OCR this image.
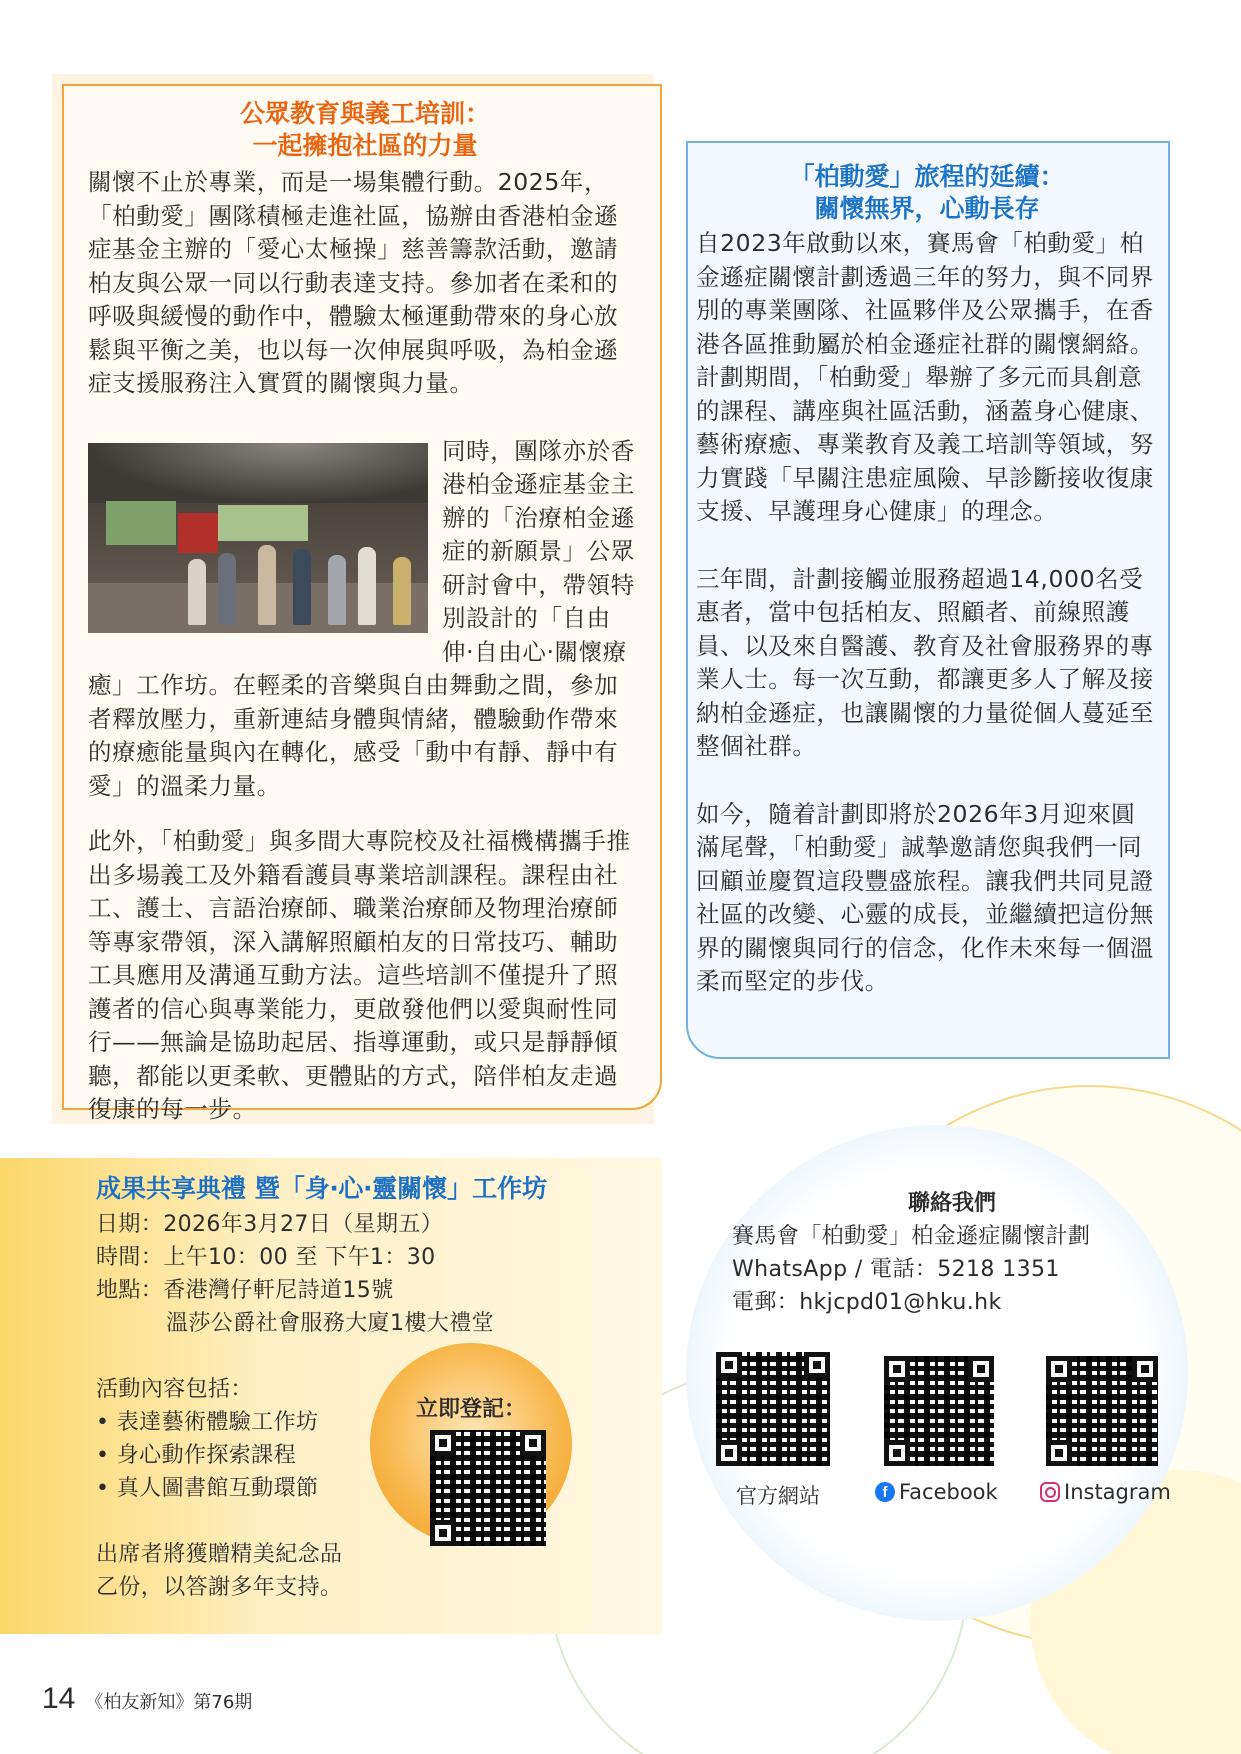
公眾教育與義工培訓：
一起擁抱社區的力量
關懷不止於專業，而是一場集體行動。2025年，「柏動愛」團隊積極走進社區，協辦由香港柏金遜症基金主辦的「愛心太極操」慈善籌款活動，邀請柏友與公眾一同以行動表達支持。參加者在柔和的呼吸與緩慢的動作中，體驗太極運動帶來的身心放鬆與平衡之美，也以每一次伸展與呼吸，為柏金遜症支援服務注入實質的關懷與力量。
同時，團隊亦於香港柏金遜症基金主辦的「治療柏金遜症的新願景」公眾研討會中，帶領特別設計的「自由伸‧自由心‧關懷療癒」工作坊。在輕柔的音樂與自由舞動之間，參加者釋放壓力，重新連結身體與情緒，體驗動作帶來的療癒能量與內在轉化，感受「動中有靜、靜中有愛」的溫柔力量。
此外，「柏動愛」與多間大專院校及社福機構攜手推出多場義工及外籍看護員專業培訓課程。課程由社工、護士、言語治療師、職業治療師及物理治療師等專家帶領，深入講解照顧柏友的日常技巧、輔助工具應用及溝通互動方法。這些培訓不僅提升了照護者的信心與專業能力，更啟發他們以愛與耐性同行——無論是協助起居、指導運動，或只是靜靜傾聽，都能以更柔軟、更體貼的方式，陪伴柏友走過復康的每一步。
「柏動愛」旅程的延續：
關懷無界，心動長存
自2023年啟動以來，賽馬會「柏動愛」柏金遜症關懷計劃透過三年的努力，與不同界別的專業團隊、社區夥伴及公眾攜手，在香港各區推動屬於柏金遜症社群的關懷網絡。計劃期間，「柏動愛」舉辦了多元而具創意的課程、講座與社區活動，涵蓋身心健康、藝術療癒、專業教育及義工培訓等領域，努力實踐「早關注患症風險、早診斷接收復康支援、早護理身心健康」的理念。
三年間，計劃接觸並服務超過14,000名受惠者，當中包括柏友、照顧者、前線照護員、以及來自醫護、教育及社會服務界的專業人士。每一次互動，都讓更多人了解及接納柏金遜症，也讓關懷的力量從個人蔓延至整個社群。
如今，隨着計劃即將於2026年3月迎來圓滿尾聲，「柏動愛」誠摯邀請您與我們一同回顧並慶賀這段豐盛旅程。讓我們共同見證社區的改變、心靈的成長，並繼續把這份無界的關懷與同行的信念，化作未來每一個溫柔而堅定的步伐。
成果共享典禮 暨「身‧心‧靈關懷」工作坊
日期：2026年3月27日（星期五）
時間：上午10：00 至 下午1：30
地點：香港灣仔軒尼詩道15號
溫莎公爵社會服務大廈1樓大禮堂
活動內容包括：
• 表達藝術體驗工作坊
• 身心動作探索課程
• 真人圖書館互動環節
出席者將獲贈精美紀念品
乙份，以答謝多年支持。
立即登記：
聯絡我們
賽馬會「柏動愛」柏金遜症關懷計劃
WhatsApp / 電話：5218 1351
電郵：hkjcpd01@hku.hk
官方網站	f Facebook	Instagram
14 《柏友新知》第76期
